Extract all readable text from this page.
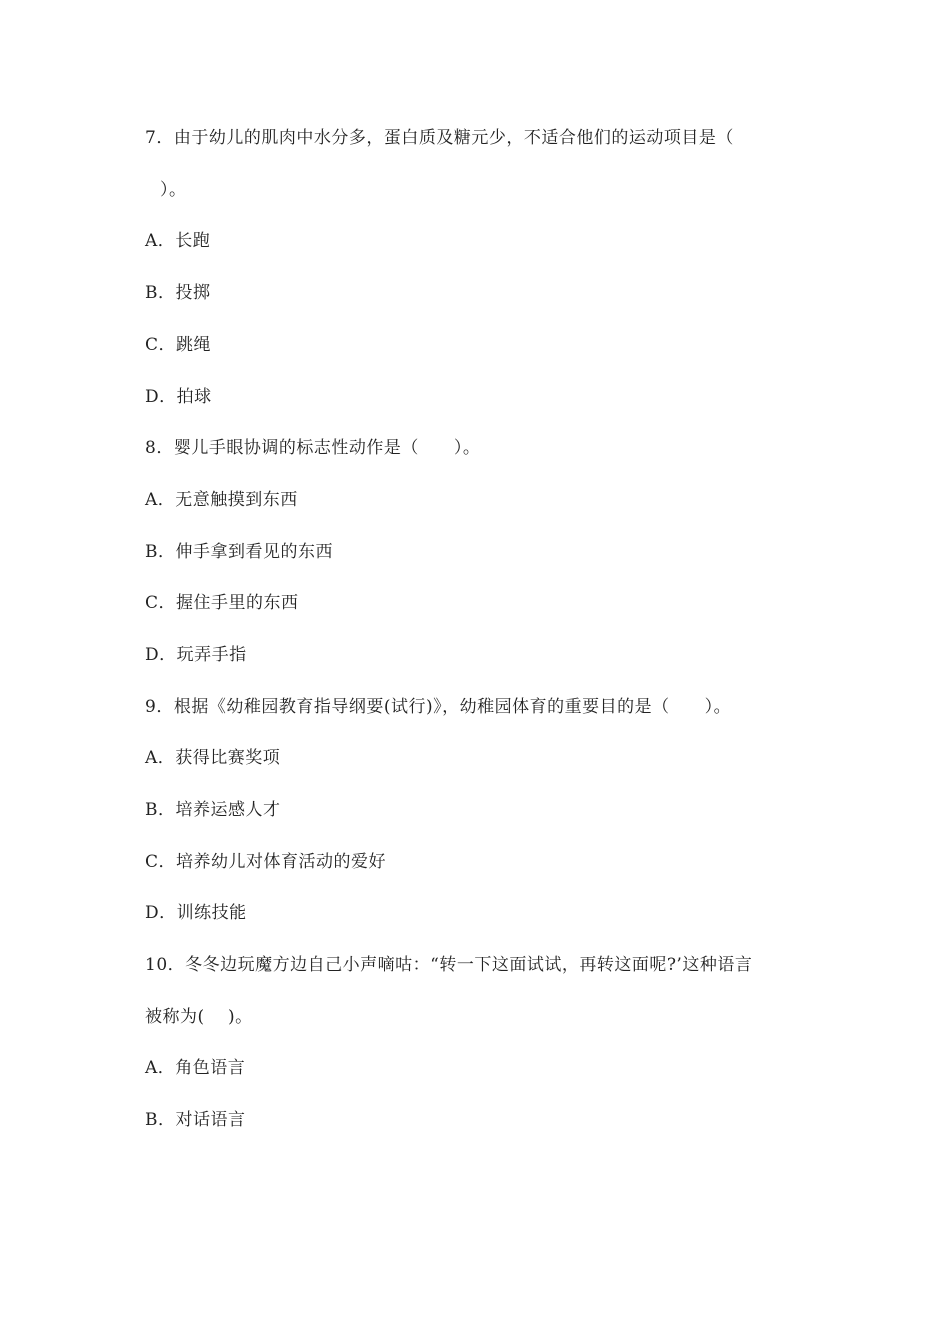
7．由于幼儿的肌肉中水分多，蛋白质及糖元少，不适合他们的运动项目是（
）。
A．长跑
B．投掷
C．跳绳
D．拍球
8．婴儿手眼协调的标志性动作是（　　）。
A．无意触摸到东西
B．伸手拿到看见的东西
C．握住手里的东西
D．玩弄手指
9．根据《幼稚园教育指导纲要(试行)》，幼稚园体育的重要目的是（　　）。
A．获得比赛奖项
B．培养运感人才
C．培养幼儿对体育活动的爱好
D．训练技能
10．冬冬边玩魔方边自己小声嘀咕：“转一下这面试试，再转这面呢?’这种语言
被称为(　 )。
A．角色语言
B．对话语言
